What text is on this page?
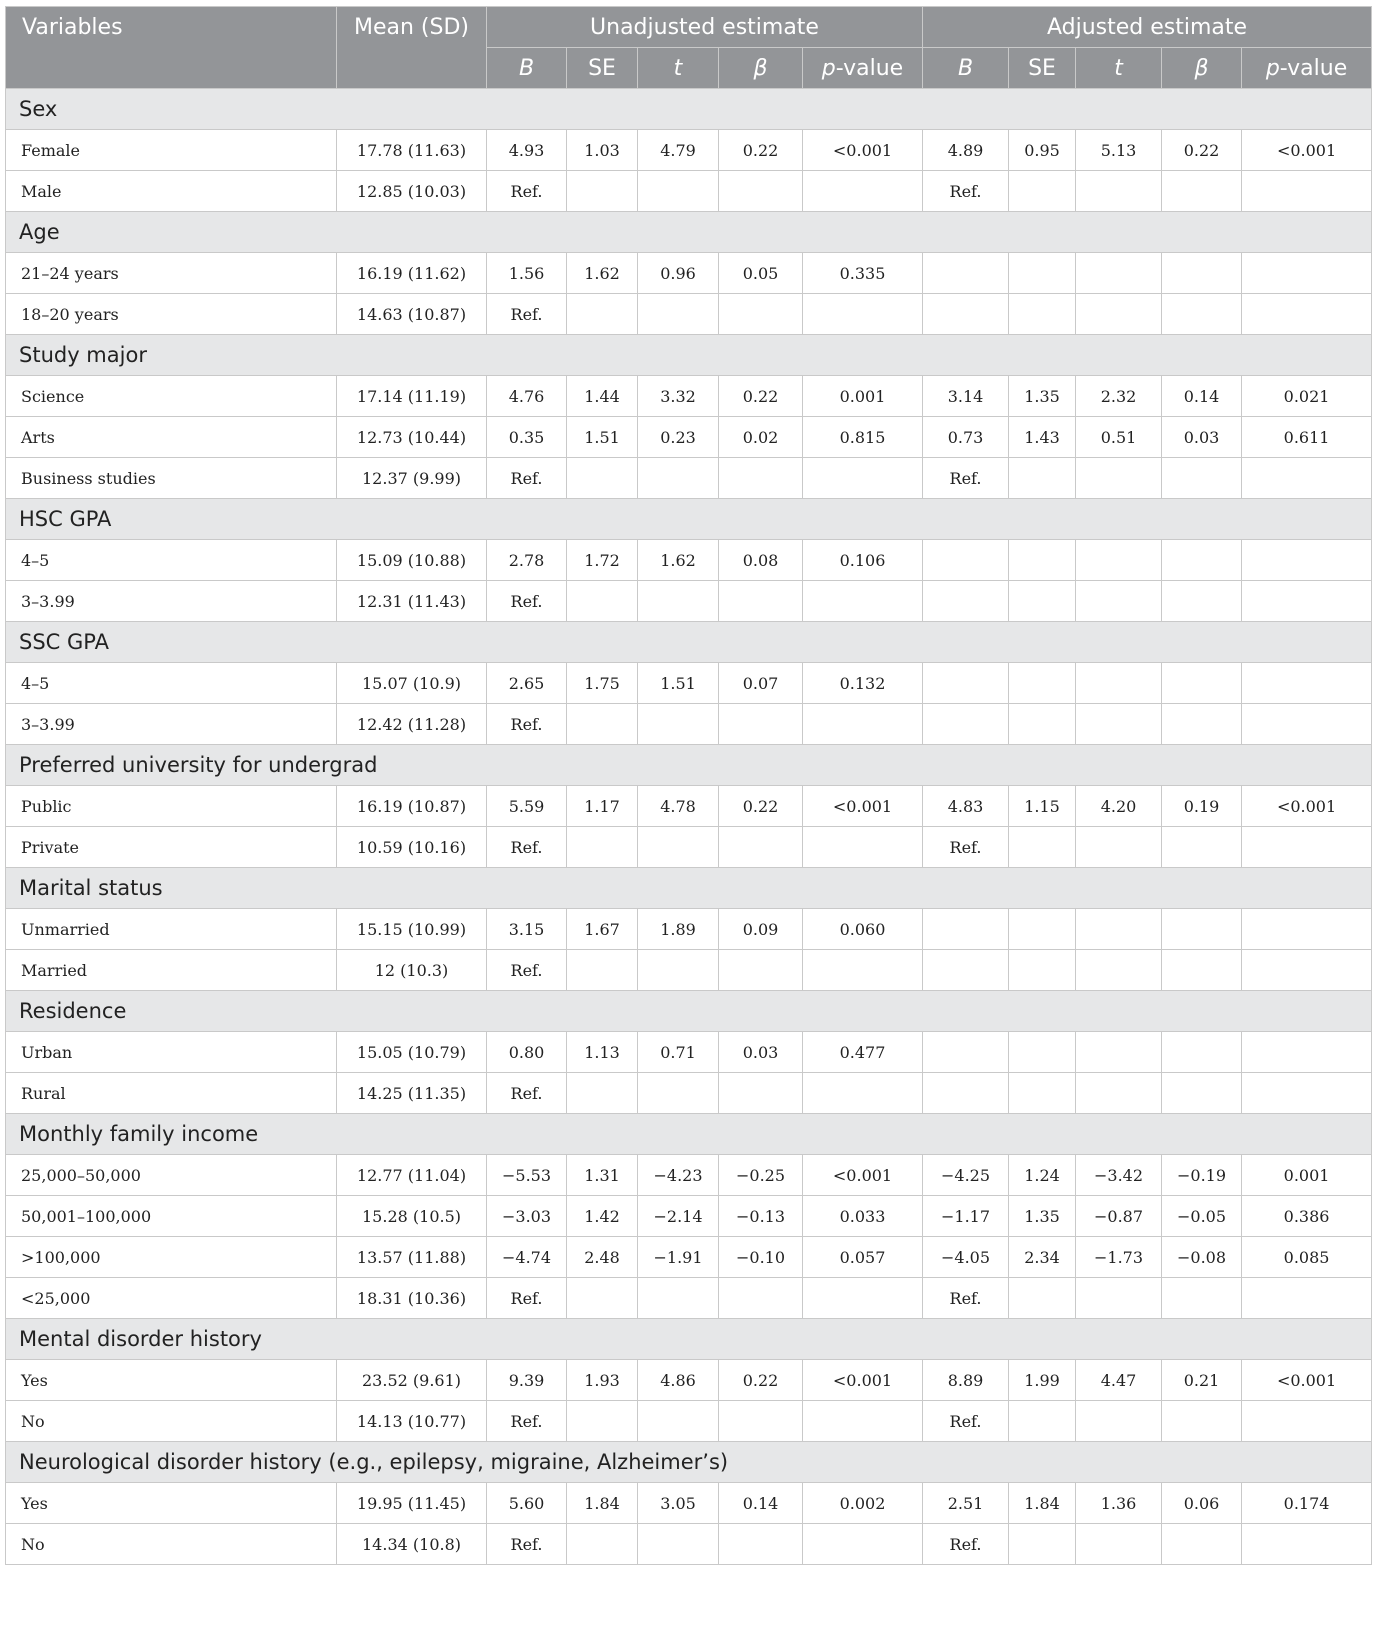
Variables	Mean (SD)	Unadjusted estimate					Adjusted estimate				
		B	SE	t	β	p-value	B	SE	t	β	p-value
Sex											
Female	17.78 (11.63)	4.93	1.03	4.79	0.22	<0.001	4.89	0.95	5.13	0.22	<0.001
Male	12.85 (10.03)	Ref.					Ref.				
Age											
21–24 years	16.19 (11.62)	1.56	1.62	0.96	0.05	0.335					
18–20 years	14.63 (10.87)	Ref.									
Study major											
Science	17.14 (11.19)	4.76	1.44	3.32	0.22	0.001	3.14	1.35	2.32	0.14	0.021
Arts	12.73 (10.44)	0.35	1.51	0.23	0.02	0.815	0.73	1.43	0.51	0.03	0.611
Business studies	12.37 (9.99)	Ref.					Ref.				
HSC GPA											
4–5	15.09 (10.88)	2.78	1.72	1.62	0.08	0.106					
3–3.99	12.31 (11.43)	Ref.									
SSC GPA											
4–5	15.07 (10.9)	2.65	1.75	1.51	0.07	0.132					
3–3.99	12.42 (11.28)	Ref.									
Preferred university for undergrad											
Public	16.19 (10.87)	5.59	1.17	4.78	0.22	<0.001	4.83	1.15	4.20	0.19	<0.001
Private	10.59 (10.16)	Ref.					Ref.				
Marital status											
Unmarried	15.15 (10.99)	3.15	1.67	1.89	0.09	0.060					
Married	12 (10.3)	Ref.									
Residence											
Urban	15.05 (10.79)	0.80	1.13	0.71	0.03	0.477					
Rural	14.25 (11.35)	Ref.									
Monthly family income											
25,000–50,000	12.77 (11.04)	−5.53	1.31	−4.23	−0.25	<0.001	−4.25	1.24	−3.42	−0.19	0.001
50,001–100,000	15.28 (10.5)	−3.03	1.42	−2.14	−0.13	0.033	−1.17	1.35	−0.87	−0.05	0.386
>100,000	13.57 (11.88)	−4.74	2.48	−1.91	−0.10	0.057	−4.05	2.34	−1.73	−0.08	0.085
<25,000	18.31 (10.36)	Ref.					Ref.				
Mental disorder history											
Yes	23.52 (9.61)	9.39	1.93	4.86	0.22	<0.001	8.89	1.99	4.47	0.21	<0.001
No	14.13 (10.77)	Ref.					Ref.				
Neurological disorder history (e.g., epilepsy, migraine, Alzheimer’s)											
Yes	19.95 (11.45)	5.60	1.84	3.05	0.14	0.002	2.51	1.84	1.36	0.06	0.174
No	14.34 (10.8)	Ref.					Ref.				
